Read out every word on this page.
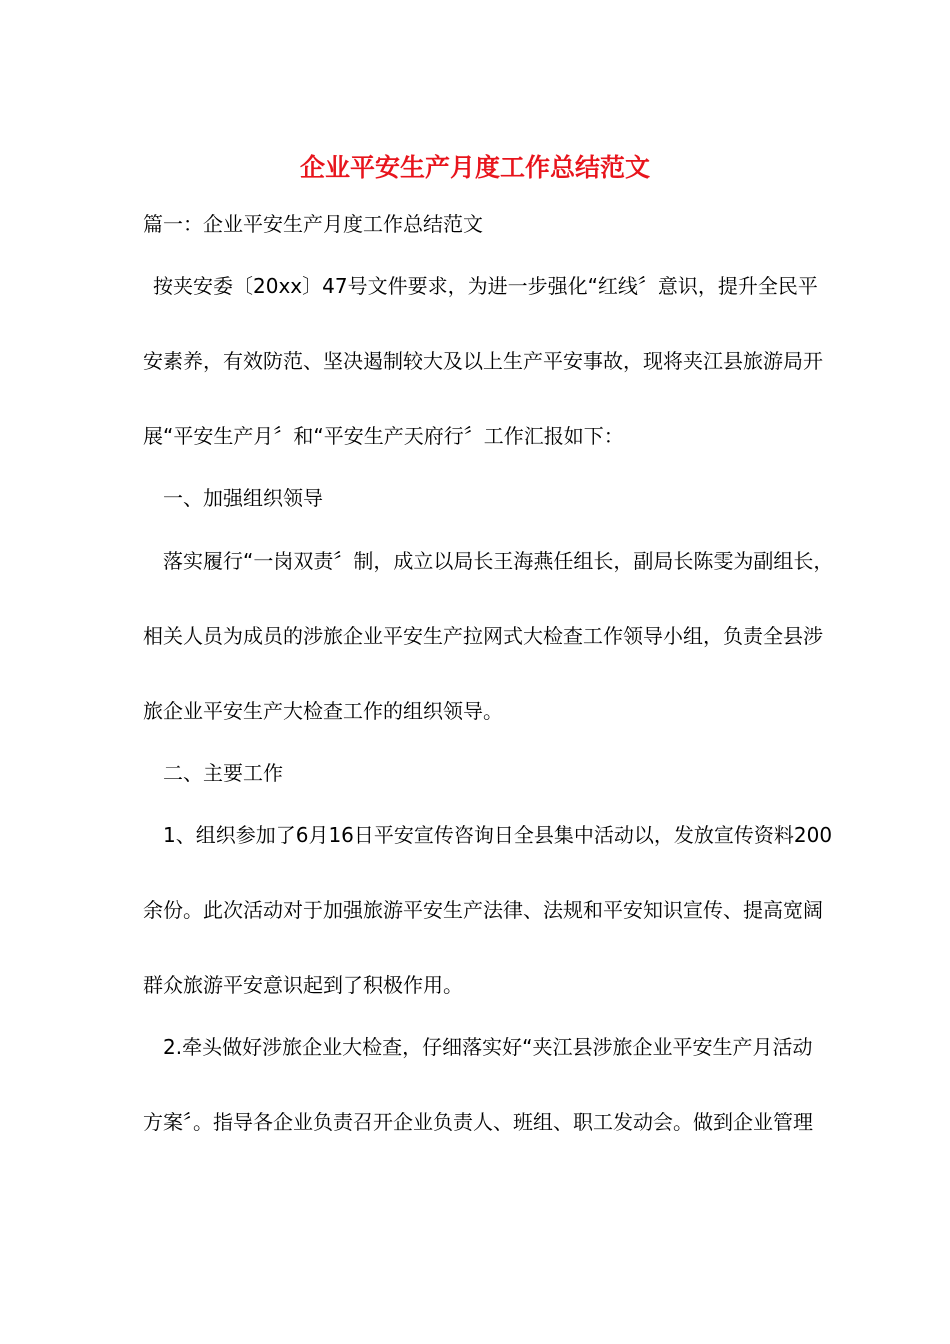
企业平安生产月度工作总结范文
篇一：企业平安生产月度工作总结范文
按夹安委〔20xx〕47号文件要求，为进一步强化“红线〞意识，提升全民平
安素养，有效防范、坚决遏制较大及以上生产平安事故，现将夹江县旅游局开
展“平安生产月〞和“平安生产天府行〞工作汇报如下：
一、加强组织领导
落实履行“一岗双责〞制，成立以局长王海燕任组长，副局长陈雯为副组长，
相关人员为成员的涉旅企业平安生产拉网式大检查工作领导小组，负责全县涉
旅企业平安生产大检查工作的组织领导。
二、主要工作
1、组织参加了6月16日平安宣传咨询日全县集中活动以，发放宣传资料200
余份。此次活动对于加强旅游平安生产法律、法规和平安知识宣传、提高宽阔
群众旅游平安意识起到了积极作用。
2.牵头做好涉旅企业大检查，仔细落实好“夹江县涉旅企业平安生产月活动
方案〞。指导各企业负责召开企业负责人、班组、职工发动会。做到企业管理
